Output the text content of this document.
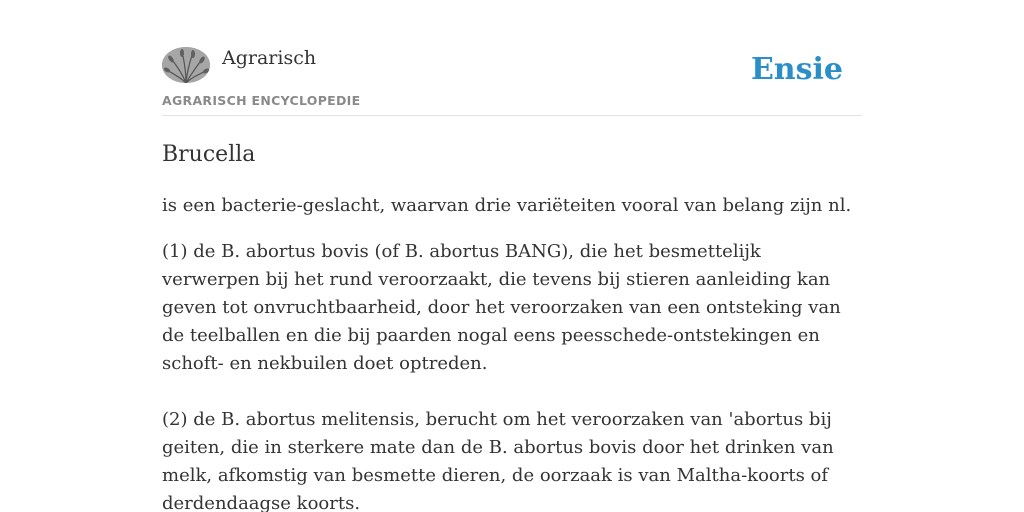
Agrarisch
AGRARISCH ENCYCLOPEDIE
Ensie
Brucella

is een bacterie-geslacht, waarvan drie variëteiten vooral van belang zijn nl.

(1) de B. abortus bovis (of B. abortus BANG), die het besmettelijk verwerpen bij het rund veroorzaakt, die tevens bij stieren aanleiding kan geven tot onvruchtbaarheid, door het veroorzaken van een ontsteking van de teelballen en die bij paarden nogal eens peesschede-ontstekingen en schoft- en nekbuilen doet optreden.

(2) de B. abortus melitensis, berucht om het veroorzaken van 'abortus bij geiten, die in sterkere mate dan de B. abortus bovis door het drinken van melk, afkomstig van besmette dieren, de oorzaak is van Maltha-koorts of derdendaagse koorts.
